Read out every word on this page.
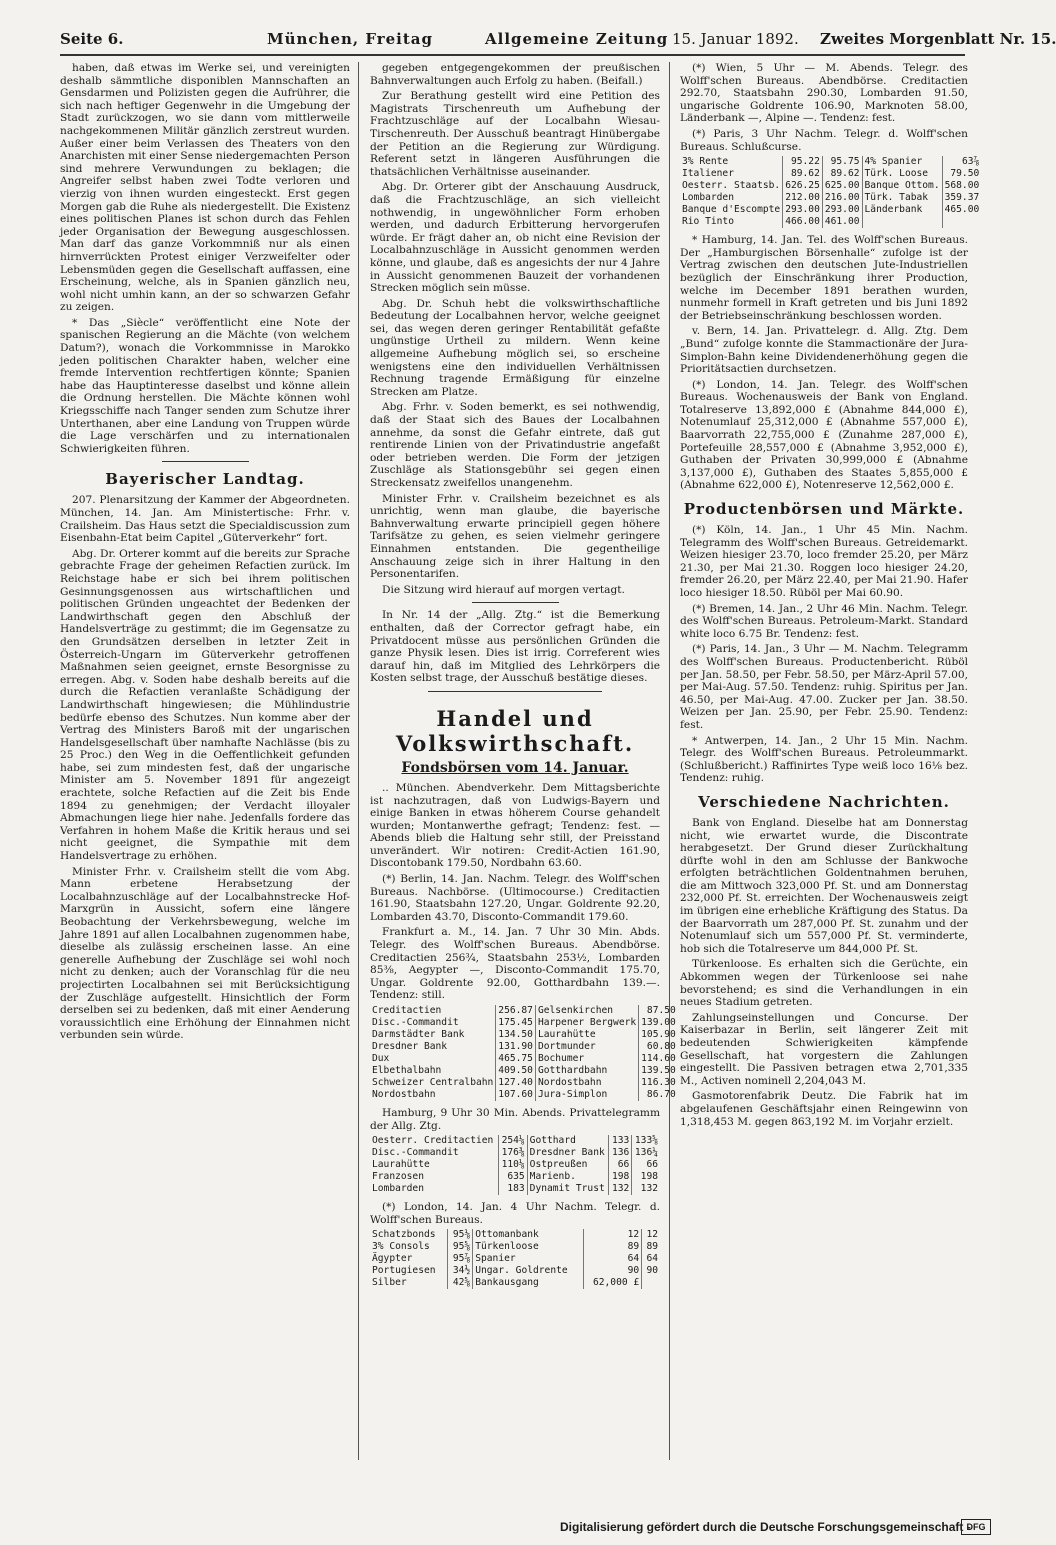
Seite 6.	München, Freitag	Allgemeine Zeitung 15. Januar 1892. Zweites Morgenblatt Nr. 15.

haben, daß etwas im Werke sei, und vereinigten deshalb sämmtliche disponiblen Mannschaften an Gensdarmen und Polizisten gegen die Aufrührer, die sich nach heftiger Gegenwehr in die Umgebung der Stadt zurückzogen, wo sie dann vom mittlerweile nachgekommenen Militär gänzlich zerstreut wurden. Außer einer beim Verlassen des Theaters von den Anarchisten mit einer Sense niedergemachten Person sind mehrere Verwundungen zu beklagen; die Angreifer selbst haben zwei Todte verloren und vierzig von ihnen wurden eingesteckt. Erst gegen Morgen gab die Ruhe als niedergestellt. Die Existenz eines politischen Planes ist schon durch das Fehlen jeder Organisation der Bewegung ausgeschlossen. Man darf das ganze Vorkommniß nur als einen hirnverrückten Protest einiger Verzweifelter oder Lebensmüden gegen die Gesellschaft auffassen, eine Erscheinung, welche, als in Spanien gänzlich neu, wohl nicht umhin kann, an der so schwarzen Gefahr zu zeigen.

* Das „Siècle“ veröffentlicht eine Note der spanischen Regierung an die Mächte (von welchem Datum?), wonach die Vorkommnisse in Marokko jeden politischen Charakter haben, welcher eine fremde Intervention rechtfertigen könnte; Spanien habe das Hauptinteresse daselbst und könne allein die Ordnung herstellen. Die Mächte können wohl Kriegsschiffe nach Tanger senden zum Schutze ihrer Unterthanen, aber eine Landung von Truppen würde die Lage verschärfen und zu internationalen Schwierigkeiten führen.

Bayerischer Landtag.

207. Plenarsitzung der Kammer der Abgeordneten. München, 14. Jan. Am Ministertische: Frhr. v. Crailsheim. Das Haus setzt die Specialdiscussion zum Eisenbahn-Etat beim Capitel „Güterverkehr“ fort.

Abg. Dr. Orterer kommt auf die bereits zur Sprache gebrachte Frage der geheimen Refactien zurück. Im Reichstage habe er sich bei ihrem politischen Gesinnungsgenossen aus wirtschaftlichen und politischen Gründen ungeachtet der Bedenken der Landwirthschaft gegen den Abschluß der Handelsverträge zu gestimmt; die im Gegensatze zu den Grundsätzen derselben in letzter Zeit in Österreich-Ungarn im Güterverkehr getroffenen Maßnahmen seien geeignet, ernste Besorgnisse zu erregen. Abg. v. Soden habe deshalb bereits auf die durch die Refactien veranlaßte Schädigung der Landwirthschaft hingewiesen; die Mühlindustrie bedürfe ebenso des Schutzes. Nun komme aber der Vertrag des Ministers Baroß mit der ungarischen Handelsgesellschaft über namhafte Nachlässe (bis zu 25 Proc.) den Weg in die Oeffentlichkeit gefunden habe, sei zum mindesten fest, daß der ungarische Minister am 5. November 1891 für angezeigt erachtete, solche Refactien auf die Zeit bis Ende 1894 zu genehmigen; der Verdacht illoyaler Abmachungen liege hier nahe. Jedenfalls fordere das Verfahren in hohem Maße die Kritik heraus und sei nicht geeignet, die Sympathie mit dem Handelsvertrage zu erhöhen.

Minister Frhr. v. Crailsheim stellt die vom Abg. Mann erbetene Herabsetzung der Localbahnzuschläge auf der Localbahnstrecke Hof-Marxgrün in Aussicht, sofern eine längere Beobachtung der Verkehrsbewegung, welche im Jahre 1891 auf allen Localbahnen zugenommen habe, dieselbe als zulässig erscheinen lasse. An eine generelle Aufhebung der Zuschläge sei wohl noch nicht zu denken; auch der Voranschlag für die neu projectirten Localbahnen sei mit Berücksichtigung der Zuschläge aufgestellt. Hinsichtlich der Form derselben sei zu bedenken, daß mit einer Aenderung voraussichtlich eine Erhöhung der Einnahmen nicht verbunden sein würde.

gegeben entgegengekommen der preußischen Bahnverwaltungen auch Erfolg zu haben. (Beifall.)

Zur Berathung gestellt wird eine Petition des Magistrats Tirschenreuth um Aufhebung der Frachtzuschläge auf der Localbahn Wiesau-Tirschenreuth. Der Ausschuß beantragt Hinübergabe der Petition an die Regierung zur Würdigung. Referent setzt in längeren Ausführungen die thatsächlichen Verhältnisse auseinander.

Abg. Dr. Orterer gibt der Anschauung Ausdruck, daß die Frachtzuschläge, an sich vielleicht nothwendig, in ungewöhnlicher Form erhoben werden, und dadurch Erbitterung hervorgerufen würde. Er frägt daher an, ob nicht eine Revision der Localbahnzuschläge in Aussicht genommen werden könne, und glaube, daß es angesichts der nur 4 Jahre in Aussicht genommenen Bauzeit der vorhandenen Strecken möglich sein müsse.

Abg. Dr. Schuh hebt die volkswirthschaftliche Bedeutung der Localbahnen hervor, welche geeignet sei, das wegen deren geringer Rentabilität gefaßte ungünstige Urtheil zu mildern. Wenn keine allgemeine Aufhebung möglich sei, so erscheine wenigstens eine den individuellen Verhältnissen Rechnung tragende Ermäßigung für einzelne Strecken am Platze.

Abg. Frhr. v. Soden bemerkt, es sei nothwendig, daß der Staat sich des Baues der Localbahnen annehme, da sonst die Gefahr eintrete, daß gut rentirende Linien von der Privatindustrie angefaßt oder betrieben werden. Die Form der jetzigen Zuschläge als Stationsgebühr sei gegen einen Streckensatz zweifellos unangenehm.

Minister Frhr. v. Crailsheim bezeichnet es als unrichtig, wenn man glaube, die bayerische Bahnverwaltung erwarte principiell gegen höhere Tarifsätze zu gehen, es seien vielmehr geringere Einnahmen entstanden. Die gegentheilige Anschauung zeige sich in ihrer Haltung in den Personentarifen.

Die Sitzung wird hierauf auf morgen vertagt.

In Nr. 14 der „Allg. Ztg.“ ist die Bemerkung enthalten, daß der Corrector gefragt habe, ein Privatdocent müsse aus persönlichen Gründen die ganze Physik lesen. Dies ist irrig. Correferent wies darauf hin, daß im Mitglied des Lehrkörpers die Kosten selbst trage, der Ausschuß bestätige dieses.

Handel und Volkswirthschaft.
Fondsbörsen vom 14. Januar.

.. München. Abendverkehr. Dem Mittagsberichte ist nachzutragen, daß von Ludwigs-Bayern und einige Banken in etwas höherem Course gehandelt wurden; Montanwerthe gefragt; Tendenz: fest. — Abends blieb die Haltung sehr still, der Preisstand unverändert. Wir notiren: Credit-Actien 161.90, Discontobank 179.50, Nordbahn 63.60.

(*) Berlin, 14. Jan. Nachm. Telegr. des Wolff'schen Bureaus. Nachbörse. (Ultimocourse.) Creditactien 161.90, Staatsbahn 127.20, Ungar. Goldrente 92.20, Lombarden 43.70, Disconto-Commandit 179.60.

Frankfurt a. M., 14. Jan. 7 Uhr 30 Min. Abds. Telegr. des Wolff'schen Bureaus. Abendbörse. Creditactien 256¾, Staatsbahn 253½, Lombarden 85⅜, Aegypter —, Disconto-Commandit 175.70, Ungar. Goldrente 92.00, Gotthardbahn 139.—. Tendenz: still.

Creditactien	256.87	Gelsenkirchen	87.50
Disc.-Commandit	175.45	Harpener Bergwerk	139.00
Darmstädter Bank	134.50	Laurahütte	105.90
Dresdner Bank	131.90	Dortmunder	60.80
Dux	465.75	Bochumer	114.60
Elbethalbahn	409.50	Gotthardbahn	139.50
Schweizer Centralbahn	127.40	Nordostbahn	116.30
Nordostbahn	107.60	Jura-Simplon	86.70

Hamburg, 9 Uhr 30 Min. Abends. Privattelegramm der Allg. Ztg.

Oesterr. Creditactien	254⅛	Gotthard	133	133⅝
Disc.-Commandit	176⅜	Dresdner Bank	136	136¼
Laurahütte	110⅛	Ostpreußen	66	66
Franzosen	635	Marienb.	198	198
Lombarden	183	Dynamit Trust	132	132

(*) London, 14. Jan. 4 Uhr Nachm. Telegr. d. Wolff'schen Bureaus.

Schatzbonds	95⅛	Ottomanbank	12	12
3% Consols	95⅝	Türkenloose	89	89
Ägypter	95⅞	Spanier	64	64
Portugiesen	34½	Ungar. Goldrente	90	90
Silber	42⅝	Bankausgang	62,000 £	

(*) Wien, 5 Uhr — M. Abends. Telegr. des Wolff'schen Bureaus. Abendbörse. Creditactien 292.70, Staatsbahn 290.30, Lombarden 91.50, ungarische Goldrente 106.90, Marknoten 58.00, Länderbank —, Alpine —. Tendenz: fest.

(*) Paris, 3 Uhr Nachm. Telegr. d. Wolff'schen Bureaus. Schlußcurse.

3% Rente	95.22	95.75	4% Spanier	63⅞
Italiener	89.62	89.62	Türk. Loose	79.50
Oesterr. Staatsb.	626.25	625.00	Banque Ottom.	568.00
Lombarden	212.00	216.00	Türk. Tabak	359.37
Banque d'Escompte	293.00	293.00	Länderbank	465.00
Rio Tinto	466.00	461.00		

* Hamburg, 14. Jan. Tel. des Wolff'schen Bureaus. Der „Hamburgischen Börsenhalle“ zufolge ist der Vertrag zwischen den deutschen Jute-Industriellen bezüglich der Einschränkung ihrer Production, welche im December 1891 berathen wurden, nunmehr formell in Kraft getreten und bis Juni 1892 der Betriebseinschränkung beschlossen worden.

v. Bern, 14. Jan. Privattelegr. d. Allg. Ztg. Dem „Bund“ zufolge konnte die Stammactionäre der Jura-Simplon-Bahn keine Dividendenerhöhung gegen die Prioritätsactien durchsetzen.

(*) London, 14. Jan. Telegr. des Wolff'schen Bureaus. Wochenausweis der Bank von England. Totalreserve 13,892,000 £ (Abnahme 844,000 £), Notenumlauf 25,312,000 £ (Abnahme 557,000 £), Baarvorrath 22,755,000 £ (Zunahme 287,000 £), Portefeuille 28,557,000 £ (Abnahme 3,952,000 £), Guthaben der Privaten 30,999,000 £ (Abnahme 3,137,000 £), Guthaben des Staates 5,855,000 £ (Abnahme 622,000 £), Notenreserve 12,562,000 £.

Productenbörsen und Märkte.

(*) Köln, 14. Jan., 1 Uhr 45 Min. Nachm. Telegramm des Wolff'schen Bureaus. Getreidemarkt. Weizen hiesiger 23.70, loco fremder 25.20, per März 21.30, per Mai 21.30. Roggen loco hiesiger 24.20, fremder 26.20, per März 22.40, per Mai 21.90. Hafer loco hiesiger 18.50. Rüböl per Mai 60.90.

(*) Bremen, 14. Jan., 2 Uhr 46 Min. Nachm. Telegr. des Wolff'schen Bureaus. Petroleum-Markt. Standard white loco 6.75 Br. Tendenz: fest.

(*) Paris, 14. Jan., 3 Uhr — M. Nachm. Telegramm des Wolff'schen Bureaus. Productenbericht. Rüböl per Jan. 58.50, per Febr. 58.50, per März-April 57.00, per Mai-Aug. 57.50. Tendenz: ruhig. Spiritus per Jan. 46.50, per Mai-Aug. 47.00. Zucker per Jan. 38.50. Weizen per Jan. 25.90, per Febr. 25.90. Tendenz: fest.

* Antwerpen, 14. Jan., 2 Uhr 15 Min. Nachm. Telegr. des Wolff'schen Bureaus. Petroleummarkt. (Schlußbericht.) Raffinirtes Type weiß loco 16⅛ bez. Tendenz: ruhig.

Verschiedene Nachrichten.

Bank von England. Dieselbe hat am Donnerstag nicht, wie erwartet wurde, die Discontrate herabgesetzt. Der Grund dieser Zurückhaltung dürfte wohl in den am Schlusse der Bankwoche erfolgten beträchtlichen Goldentnahmen beruhen, die am Mittwoch 323,000 Pf. St. und am Donnerstag 232,000 Pf. St. erreichten. Der Wochenausweis zeigt im übrigen eine erhebliche Kräftigung des Status. Da der Baarvorrath um 287,000 Pf. St. zunahm und der Notenumlauf sich um 557,000 Pf. St. verminderte, hob sich die Totalreserve um 844,000 Pf. St.

Türkenloose. Es erhalten sich die Gerüchte, ein Abkommen wegen der Türkenloose sei nahe bevorstehend; es sind die Verhandlungen in ein neues Stadium getreten.

Zahlungseinstellungen und Concurse. Der Kaiserbazar in Berlin, seit längerer Zeit mit bedeutenden Schwierigkeiten kämpfende Gesellschaft, hat vorgestern die Zahlungen eingestellt. Die Passiven betragen etwa 2,701,335 M., Activen nominell 2,204,043 M.

Gasmotorenfabrik Deutz. Die Fabrik hat im abgelaufenen Geschäftsjahr einen Reingewinn von 1,318,453 M. gegen 863,192 M. im Vorjahr erzielt.

Digitalisierung gefördert durch die Deutsche Forschungsgemeinschaft -
DFG
